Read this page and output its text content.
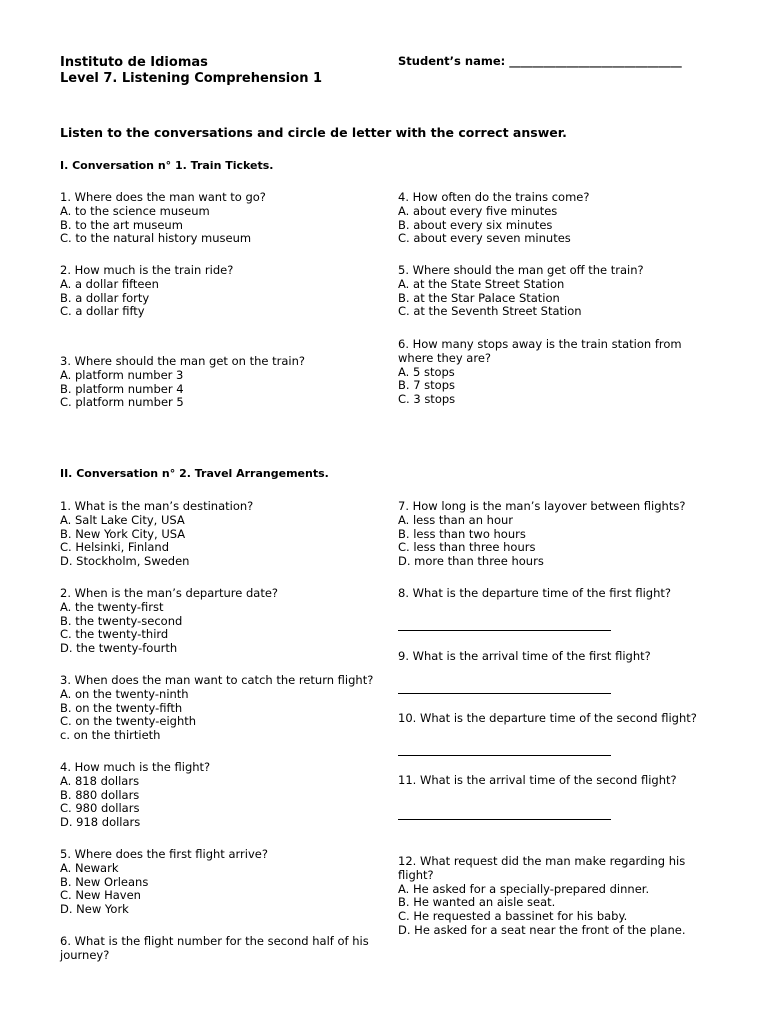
Instituto de Idiomas
Level 7. Listening Comprehension 1
Student’s name: ______________________________
Listen to the conversations and circle de letter with the correct answer.
I. Conversation n° 1. Train Tickets.
1. Where does the man want to go?
A. to the science museum
B. to the art museum
C. to the natural history museum
2. How much is the train ride?
A. a dollar fifteen
B. a dollar forty
C. a dollar fifty
3. Where should the man get on the train?
A. platform number 3
B. platform number 4
C. platform number 5
4. How often do the trains come?
A. about every five minutes
B. about every six minutes
C. about every seven minutes
5. Where should the man get off the train?
A. at the State Street Station
B. at the Star Palace Station
C. at the Seventh Street Station
6. How many stops away is the train station from where they are?
A. 5 stops
B. 7 stops
C. 3 stops
II. Conversation n° 2. Travel Arrangements.
1. What is the man’s destination?
A. Salt Lake City, USA
B. New York City, USA
C. Helsinki, Finland
D. Stockholm, Sweden
2. When is the man’s departure date?
A. the twenty-first
B. the twenty-second
C. the twenty-third
D. the twenty-fourth
3. When does the man want to catch the return flight?
A. on the twenty-ninth
B. on the twenty-fifth
C. on the twenty-eighth
c. on the thirtieth
4. How much is the flight?
A. 818 dollars
B. 880 dollars
C. 980 dollars
D. 918 dollars
5. Where does the first flight arrive?
A. Newark
B. New Orleans
C. New Haven
D. New York
6. What is the flight number for the second half of his journey?
7. How long is the man’s layover between flights?
A. less than an hour
B. less than two hours
C. less than three hours
D. more than three hours
8. What is the departure time of the first flight?
9. What is the arrival time of the first flight?
10. What is the departure time of the second flight?
11. What is the arrival time of the second flight?
12. What request did the man make regarding his flight?
A. He asked for a specially-prepared dinner.
B. He wanted an aisle seat.
C. He requested a bassinet for his baby.
D. He asked for a seat near the front of the plane.
